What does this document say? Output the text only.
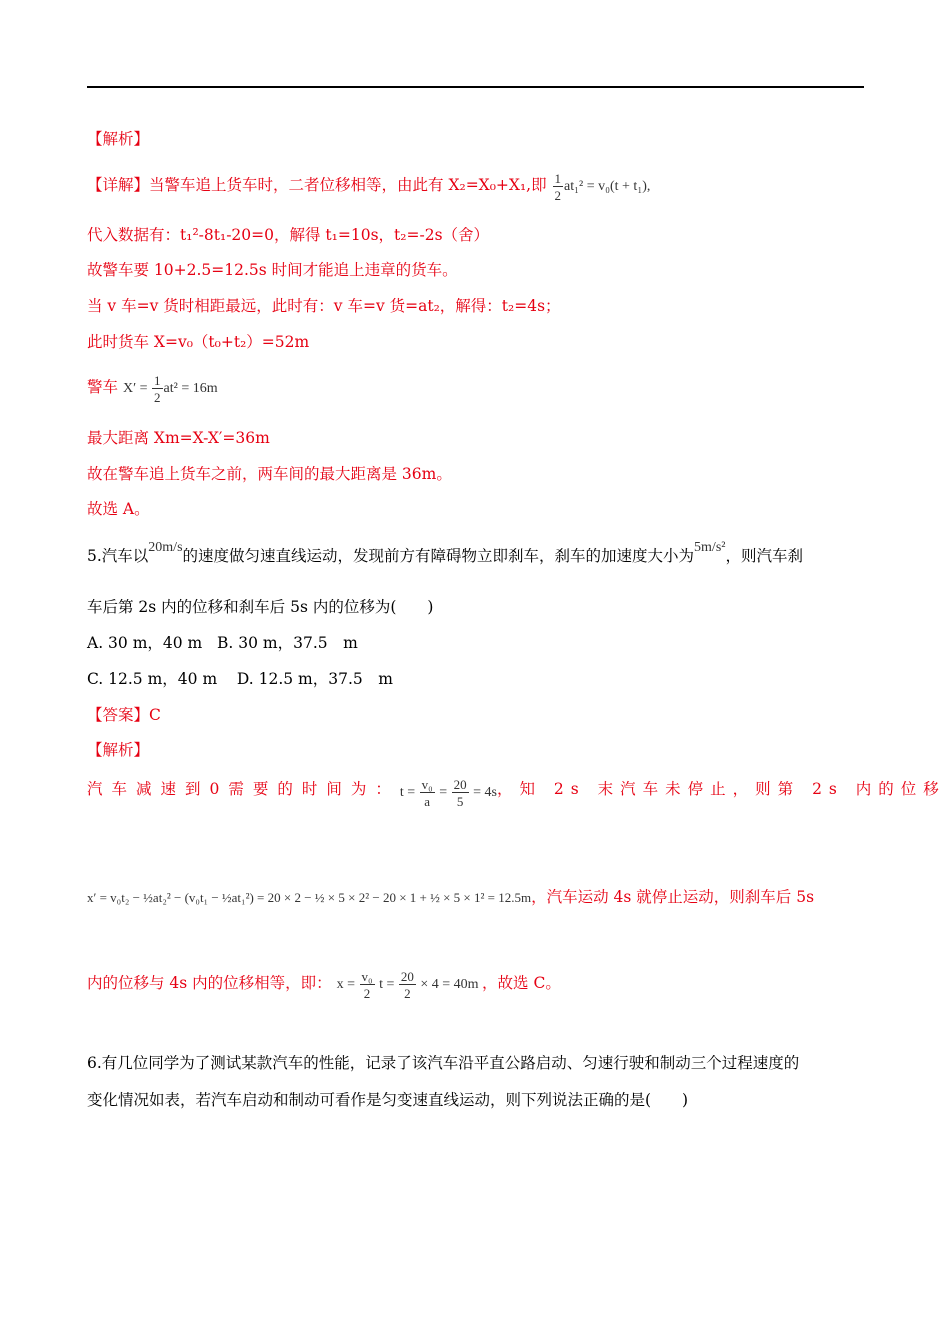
【解析】
【详解】当警车追上货车时，二者位移相等，由此有 X₂=X₀+X₁,即 $\frac{1}{2} at_1^2 = v_0(t + t_1)$,
代入数据有：t₁²-8t₁-20=0，解得 t₁=10s，t₂=-2s（舍）
故警车要 10+2.5=12.5s 时间才能追上违章的货车。
当 v 车=v 货时相距最远，此时有：v 车=v 货=at₂，解得：t₂=4s；
此时货车 X=v₀（t₀+t₂）=52m
警车 $X' = \frac{1}{2} at^2 = 16m$
最大距离 Xm=X-X′=36m
故在警车追上货车之前，两车间的最大距离是 36m。
故选 A。
5.汽车以20m/s的速度做匀速直线运动，发现前方有障碍物立即刹车，刹车的加速度大小为5m/s²，则汽车刹
车后第 2s 内的位移和刹车后 5s 内的位移为(　　)
A. 30 m，40 m B. 30 m，37.5　m
C. 12.5 m，40 m D. 12.5 m，37.5　m
【答案】C
【解析】
汽车减速到0需要的时间为： $t = \frac{\text{v₀}}{a} = \frac{20}{5} = 4s$ ，知 2s 末汽车未停止，则第 2s 内的位移
x′ = v₀t₂ − ½at₂² − (v₀t₁ − ½at₁²) = 20 × 2 − ½ × 5 × 2² − 20 × 1 + ½ × 5 × 1² = 12.5m，汽车运动 4s 就停止运动，则刹车后 5s
内的位移与 4s 内的位移相等，即： $x = \frac{\text{v₀}}{2}$ $t = \frac{20}{2} \times 4 = 40m$ ，故选 C。
6.有几位同学为了测试某款汽车的性能，记录了该汽车沿平直公路启动、匀速行驶和制动三个过程速度的
变化情况如表，若汽车启动和制动可看作是匀变速直线运动，则下列说法正确的是(　　)
